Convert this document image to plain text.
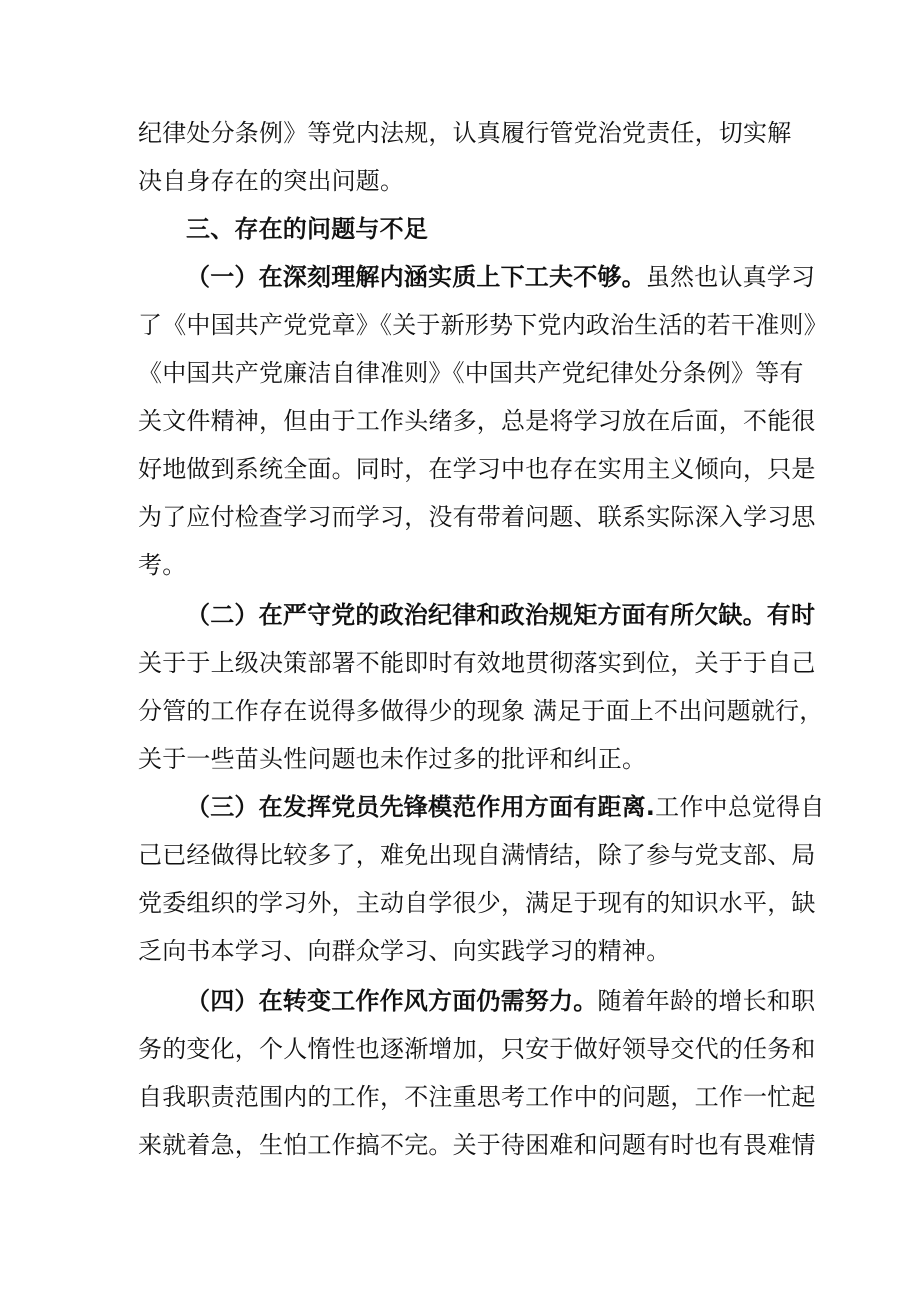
纪律处分条例》等党内法规，认真履行管党治党责任，切实解
决自身存在的突出问题。
三、存在的问题与不足
（一）在深刻理解内涵实质上下工夫不够。虽然也认真学习
了《中国共产党党章》《关于新形势下党内政治生活的若干准则》
《中国共产党廉洁自律准则》《中国共产党纪律处分条例》等有
关文件精神，但由于工作头绪多，总是将学习放在后面，不能很
好地做到系统全面。同时，在学习中也存在实用主义倾向，只是
为了应付检查学习而学习，没有带着问题、联系实际深入学习思
考。
（二）在严守党的政治纪律和政治规矩方面有所欠缺。有时
关于于上级决策部署不能即时有效地贯彻落实到位，关于于自己
分管的工作存在说得多做得少的现象 满足于面上不出问题就行，
关于一些苗头性问题也未作过多的批评和纠正。
（三）在发挥党员先锋模范作用方面有距离.工作中总觉得自
己已经做得比较多了，难免出现自满情结，除了参与党支部、局
党委组织的学习外，主动自学很少，满足于现有的知识水平，缺
乏向书本学习、向群众学习、向实践学习的精神。
（四）在转变工作作风方面仍需努力。随着年龄的增长和职
务的变化，个人惰性也逐渐增加，只安于做好领导交代的任务和
自我职责范围内的工作，不注重思考工作中的问题，工作一忙起
来就着急，生怕工作搞不完。关于待困难和问题有时也有畏难情
